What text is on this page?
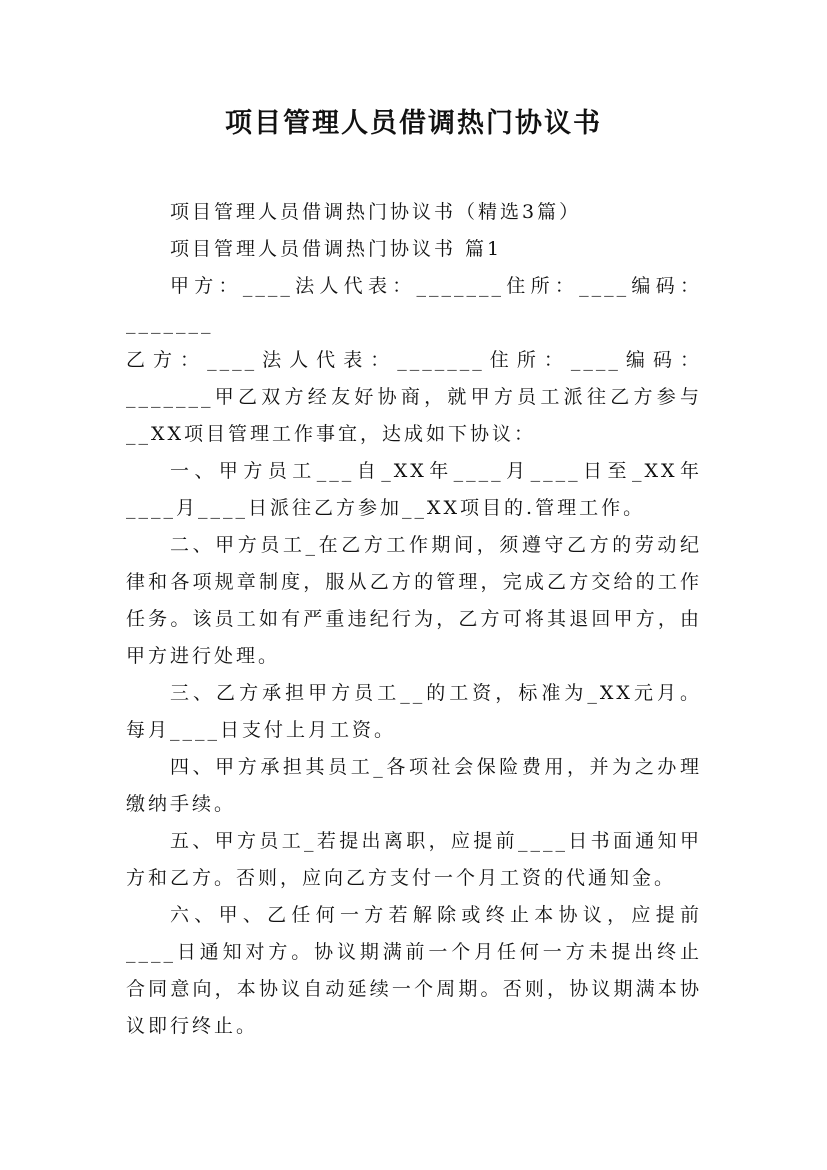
项目管理人员借调热门协议书

项目管理人员借调热门协议书（精选3篇）

项目管理人员借调热门协议书 篇1

甲方：____法人代表：_______住所：____编码：_______

乙方：____法人代表：_______住所：____编码：_______甲乙双方经友好协商，就甲方员工派往乙方参与__XX项目管理工作事宜，达成如下协议：

一、甲方员工___自_XX年____月____日至_XX年____月____日派往乙方参加__XX项目的.管理工作。

二、甲方员工_在乙方工作期间，须遵守乙方的劳动纪律和各项规章制度，服从乙方的管理，完成乙方交给的工作任务。该员工如有严重违纪行为，乙方可将其退回甲方，由甲方进行处理。

三、乙方承担甲方员工__的工资，标准为_XX元月。每月____日支付上月工资。

四、甲方承担其员工_各项社会保险费用，并为之办理缴纳手续。

五、甲方员工_若提出离职，应提前____日书面通知甲方和乙方。否则，应向乙方支付一个月工资的代通知金。

六、甲、乙任何一方若解除或终止本协议，应提前____日通知对方。协议期满前一个月任何一方未提出终止合同意向，本协议自动延续一个周期。否则，协议期满本协议即行终止。
